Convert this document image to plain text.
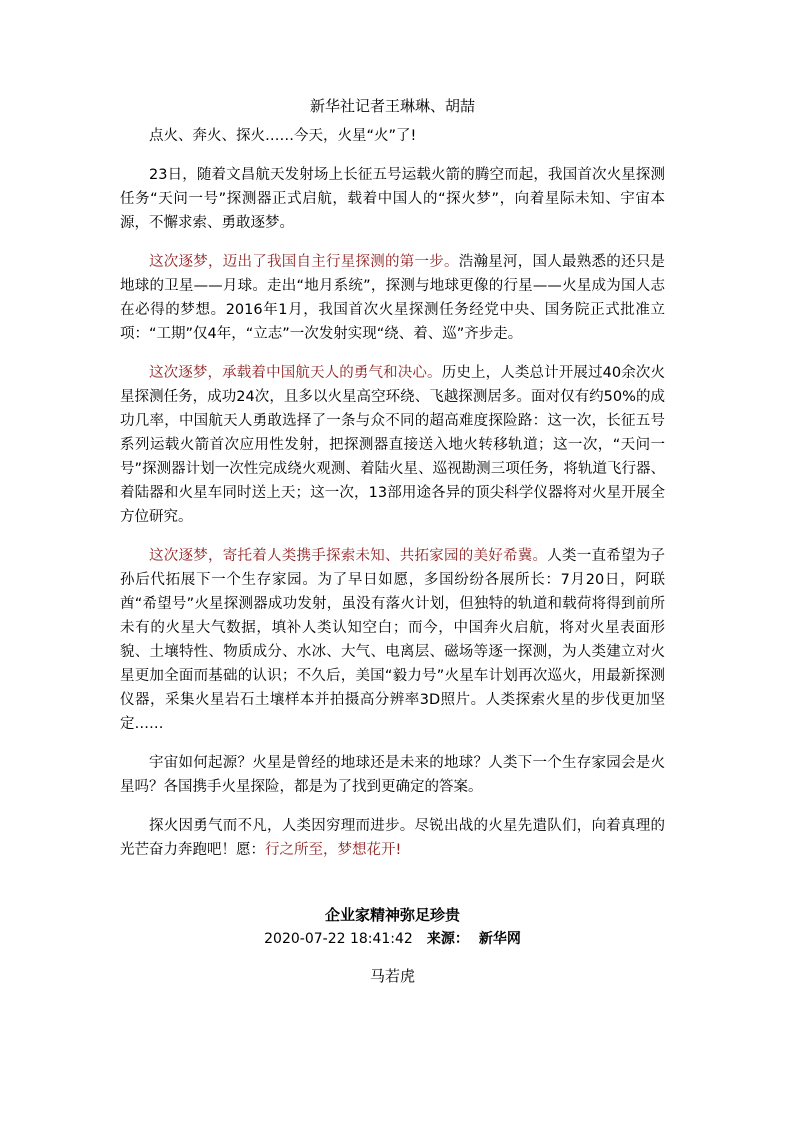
新华社记者王琳琳、胡喆

点火、奔火、探火……今天，火星“火”了!

23日，随着文昌航天发射场上长征五号运载火箭的腾空而起，我国首次火星探测任务“天问一号”探测器正式启航，载着中国人的“探火梦”，向着星际未知、宇宙本源，不懈求索、勇敢逐梦。

这次逐梦，迈出了我国自主行星探测的第一步。浩瀚星河，国人最熟悉的还只是地球的卫星——月球。走出“地月系统”，探测与地球更像的行星——火星成为国人志在必得的梦想。2016年1月，我国首次火星探测任务经党中央、国务院正式批准立项：“工期”仅4年，“立志”一次发射实现“绕、着、巡”齐步走。

这次逐梦，承载着中国航天人的勇气和决心。历史上，人类总计开展过40余次火星探测任务，成功24次，且多以火星高空环绕、飞越探测居多。面对仅有约50%的成功几率，中国航天人勇敢选择了一条与众不同的超高难度探险路：这一次，长征五号系列运载火箭首次应用性发射，把探测器直接送入地火转移轨道；这一次，“天问一号”探测器计划一次性完成绕火观测、着陆火星、巡视勘测三项任务，将轨道飞行器、着陆器和火星车同时送上天；这一次，13部用途各异的顶尖科学仪器将对火星开展全方位研究。

这次逐梦，寄托着人类携手探索未知、共拓家园的美好希冀。人类一直希望为子孙后代拓展下一个生存家园。为了早日如愿，多国纷纷各展所长：7月20日，阿联酋“希望号”火星探测器成功发射，虽没有落火计划，但独特的轨道和载荷将得到前所未有的火星大气数据，填补人类认知空白；而今，中国奔火启航，将对火星表面形貌、土壤特性、物质成分、水冰、大气、电离层、磁场等逐一探测，为人类建立对火星更加全面而基础的认识；不久后，美国“毅力号”火星车计划再次巡火，用最新探测仪器，采集火星岩石土壤样本并拍摄高分辨率3D照片。人类探索火星的步伐更加坚定……

宇宙如何起源？火星是曾经的地球还是未来的地球？人类下一个生存家园会是火星吗？各国携手火星探险，都是为了找到更确定的答案。

探火因勇气而不凡，人类因穷理而进步。尽锐出战的火星先遣队们，向着真理的光芒奋力奔跑吧！愿：行之所至，梦想花开!

企业家精神弥足珍贵
2020-07-22 18:41:42 来源： 新华网
马若虎
